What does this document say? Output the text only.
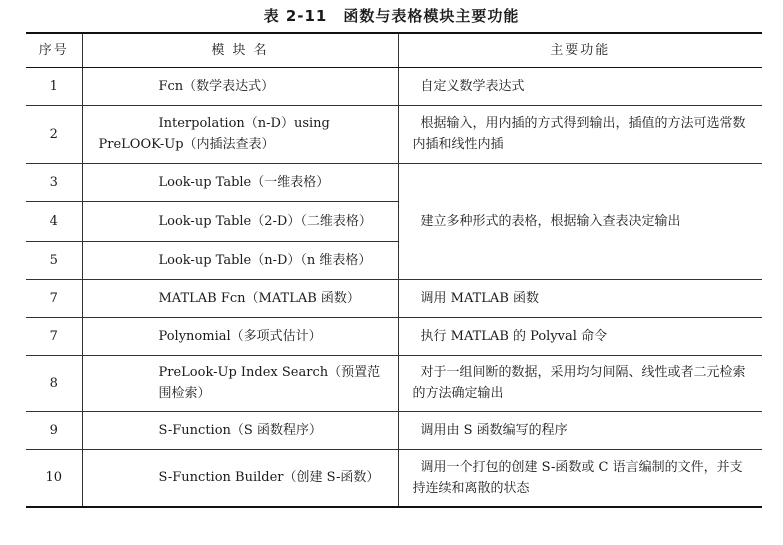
表 2-11 函数与表格模块主要功能
序号	模 块 名	主要功能
1	Fcn（数学表达式）	自定义数学表达式
2	Interpolation（n-D）using PreLOOK-Up（内插法查表）	根据输入，用内插的方式得到输出，插值的方法可选常数内插和线性内插
3	Look-up Table（一维表格）	建立多种形式的表格，根据输入查表决定输出
4	Look-up Table（2-D）（二维表格）	
5	Look-up Table（n-D）（n 维表格）	
7	MATLAB Fcn（MATLAB 函数）	调用 MATLAB 函数
7	Polynomial（多项式估计）	执行 MATLAB 的 Polyval 命令
8	PreLook-Up Index Search（预置范围检索）	对于一组间断的数据，采用均匀间隔、线性或者二元检索的方法确定输出
9	S-Function（S 函数程序）	调用由 S 函数编写的程序
10	S-Function Builder（创建 S-函数）	调用一个打包的创建 S-函数或 C 语言编制的文件，并支持连续和离散的状态
